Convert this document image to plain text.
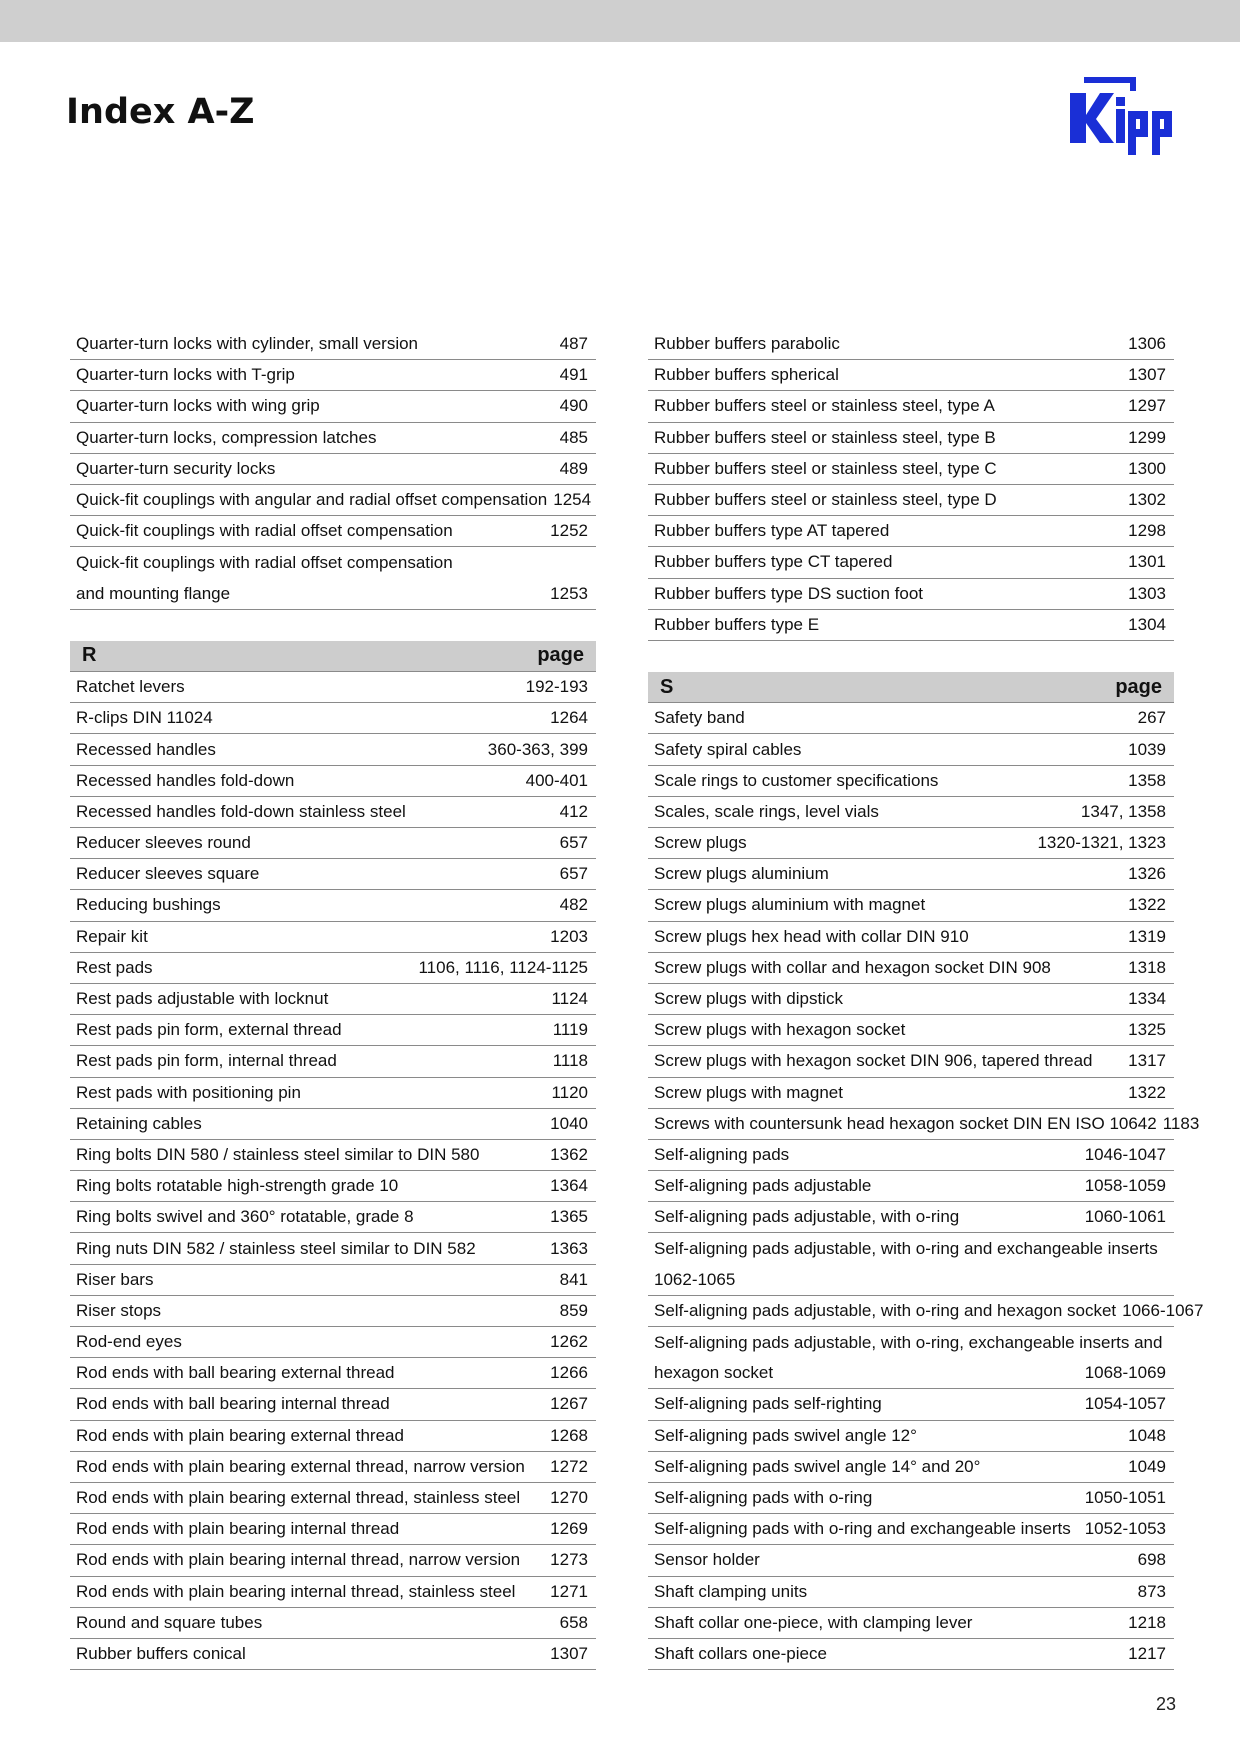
Index A-Z
Quarter-turn locks with cylinder, small version	487
Quarter-turn locks with T-grip	491
Quarter-turn locks with wing grip	490
Quarter-turn locks, compression latches	485
Quarter-turn security locks	489
Quick-fit couplings with angular and radial offset compensation 1254
Quick-fit couplings with radial offset compensation	1252
Quick-fit couplings with radial offset compensation
and mounting flange	1253
R	page
Ratchet levers	192-193
R-clips DIN 11024	1264
Recessed handles	360-363, 399
Recessed handles fold-down	400-401
Recessed handles fold-down stainless steel	412
Reducer sleeves round	657
Reducer sleeves square	657
Reducing bushings	482
Repair kit	1203
Rest pads	1106, 1116, 1124-1125
Rest pads adjustable with locknut	1124
Rest pads pin form, external thread	1119
Rest pads pin form, internal thread	1118
Rest pads with positioning pin	1120
Retaining cables	1040
Ring bolts DIN 580 / stainless steel similar to DIN 580	1362
Ring bolts rotatable high-strength grade 10	1364
Ring bolts swivel and 360° rotatable, grade 8	1365
Ring nuts DIN 582 / stainless steel similar to DIN 582	1363
Riser bars	841
Riser stops	859
Rod-end eyes	1262
Rod ends with ball bearing external thread	1266
Rod ends with ball bearing internal thread	1267
Rod ends with plain bearing external thread	1268
Rod ends with plain bearing external thread, narrow version	1272
Rod ends with plain bearing external thread, stainless steel	1270
Rod ends with plain bearing internal thread	1269
Rod ends with plain bearing internal thread, narrow version	1273
Rod ends with plain bearing internal thread, stainless steel	1271
Round and square tubes	658
Rubber buffers conical	1307
Rubber buffers parabolic	1306
Rubber buffers spherical	1307
Rubber buffers steel or stainless steel, type A	1297
Rubber buffers steel or stainless steel, type B	1299
Rubber buffers steel or stainless steel, type C	1300
Rubber buffers steel or stainless steel, type D	1302
Rubber buffers type AT tapered	1298
Rubber buffers type CT tapered	1301
Rubber buffers type DS suction foot	1303
Rubber buffers type E	1304
S	page
Safety band	267
Safety spiral cables	1039
Scale rings to customer specifications	1358
Scales, scale rings, level vials	1347, 1358
Screw plugs	1320-1321, 1323
Screw plugs aluminium	1326
Screw plugs aluminium with magnet	1322
Screw plugs hex head with collar DIN 910	1319
Screw plugs with collar and hexagon socket DIN 908	1318
Screw plugs with dipstick	1334
Screw plugs with hexagon socket	1325
Screw plugs with hexagon socket DIN 906, tapered thread	1317
Screw plugs with magnet	1322
Screws with countersunk head hexagon socket DIN EN ISO 10642 1183
Self-aligning pads	1046-1047
Self-aligning pads adjustable	1058-1059
Self-aligning pads adjustable, with o-ring	1060-1061
Self-aligning pads adjustable, with o-ring and exchangeable inserts
1062-1065
Self-aligning pads adjustable, with o-ring and hexagon socket 1066-1067
Self-aligning pads adjustable, with o-ring, exchangeable inserts and
hexagon socket	1068-1069
Self-aligning pads self-righting	1054-1057
Self-aligning pads swivel angle 12°	1048
Self-aligning pads swivel angle 14° and 20°	1049
Self-aligning pads with o-ring	1050-1051
Self-aligning pads with o-ring and exchangeable inserts 1052-1053
Sensor holder	698
Shaft clamping units	873
Shaft collar one-piece, with clamping lever	1218
Shaft collars one-piece	1217
23
